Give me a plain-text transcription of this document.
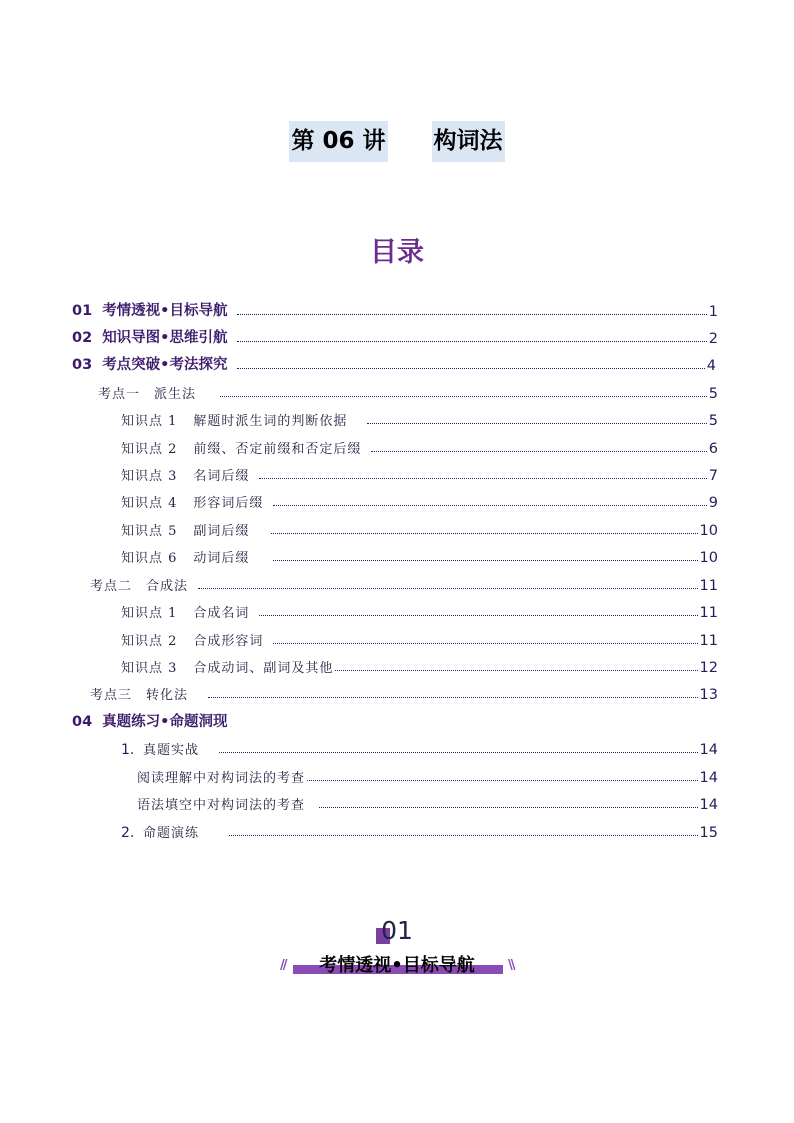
第 06 讲 构词法
目录
01 考情透视•目标导航	1
02 知识导图•思维引航	2
03 考点突破•考法探究	4
考点一 派生法	5
知识点 1 解题时派生词的判断依据	5
知识点 2 前缀、否定前缀和否定后缀	6
知识点 3 名词后缀	7
知识点 4 形容词后缀	9
知识点 5 副词后缀	10
知识点 6 动词后缀	10
考点二 合成法	11
知识点 1 合成名词	11
知识点 2 合成形容词	11
知识点 3 合成动词、副词及其他	12
考点三 转化法	13
04 真题练习•命题洞现
1. 真题实战	14
阅读理解中对构词法的考查	14
语法填空中对构词法的考查	14
2. 命题演练	15
01
考情透视•目标导航
//	\\
